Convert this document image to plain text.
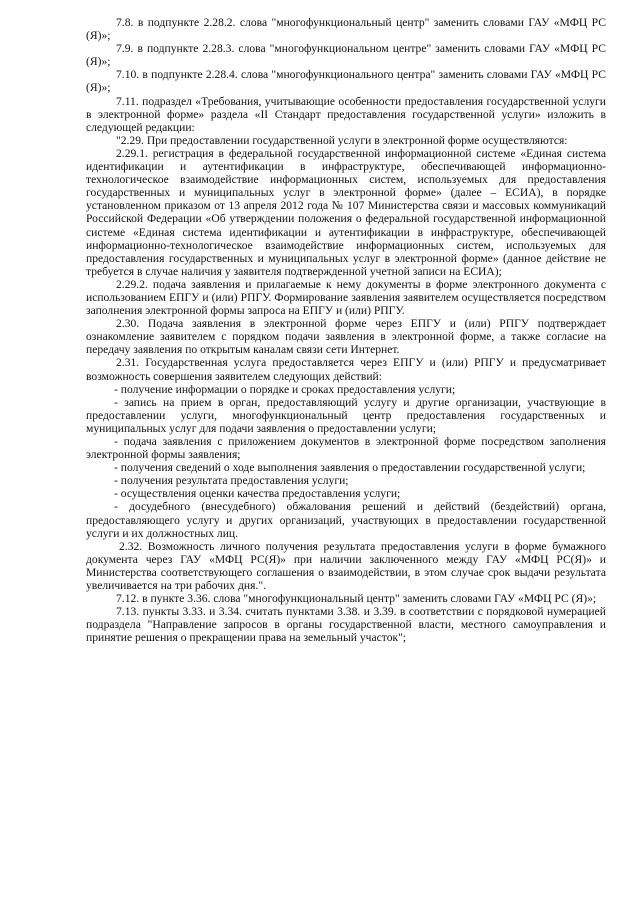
7.8. в подпункте 2.28.2. слова "многофункциональный центр" заменить словами ГАУ «МФЦ РС (Я)»;

7.9. в подпункте 2.28.3. слова "многофункциональном центре" заменить словами ГАУ «МФЦ РС (Я)»;

7.10. в подпункте 2.28.4. слова "многофункционального центра" заменить словами ГАУ «МФЦ РС (Я)»;

7.11. подраздел «Требования, учитывающие особенности предоставления государственной услуги в электронной форме» раздела «II Стандарт предоставления государственной услуги» изложить в следующей редакции:

"2.29. При предоставлении государственной услуги в электронной форме осуществляются:

2.29.1. регистрация в федеральной государственной информационной системе «Единая система идентификации и аутентификации в инфраструктуре, обеспечивающей информационно-технологическое взаимодействие информационных систем, используемых для предоставления государственных и муниципальных услуг в электронной форме» (далее – ЕСИА), в порядке установленном приказом от 13 апреля 2012 года № 107 Министерства связи и массовых коммуникаций Российской Федерации «Об утверждении положения о федеральной государственной информационной системе «Единая система идентификации и аутентификации в инфраструктуре, обеспечивающей информационно-технологическое взаимодействие информационных систем, используемых для предоставления государственных и муниципальных услуг в электронной форме» (данное действие не требуется в случае наличия у заявителя подтвержденной учетной записи на ЕСИА);

2.29.2. подача заявления и прилагаемые к нему документы в форме электронного документа с использованием ЕПГУ и (или) РПГУ. Формирование заявления заявителем осуществляется посредством заполнения электронной формы запроса на ЕПГУ и (или) РПГУ.

2.30. Подача заявления в электронной форме через ЕПГУ и (или) РПГУ подтверждает ознакомление заявителем с порядком подачи заявления в электронной форме, а также согласие на передачу заявления по открытым каналам связи сети Интернет.

2.31. Государственная услуга предоставляется через ЕПГУ и (или) РПГУ и предусматривает возможность совершения заявителем следующих действий:

- получение информации о порядке и сроках предоставления услуги;

- запись на прием в орган, предоставляющий услугу и другие организации, участвующие в предоставлении услуги, многофункциональный центр предоставления государственных и муниципальных услуг для подачи заявления о предоставлении услуги;

- подача заявления с приложением документов в электронной форме посредством заполнения электронной формы заявления;

- получения сведений о ходе выполнения заявления о предоставлении государственной услуги;

- получения результата предоставления услуги;

- осуществления оценки качества предоставления услуги;

- досудебного (внесудебного) обжалования решений и действий (бездействий) органа, предоставляющего услугу и других организаций, участвующих в предоставлении государственной услуги и их должностных лиц.

2.32. Возможность личного получения результата предоставления услуги в форме бумажного документа через ГАУ «МФЦ РС(Я)» при наличии заключенного между ГАУ «МФЦ РС(Я)» и Министерства соответствующего соглашения о взаимодействии, в этом случае срок выдачи результата увеличивается на три рабочих дня.".

7.12. в пункте 3.36. слова "многофункциональный центр" заменить словами ГАУ «МФЦ РС (Я)»;

7.13. пункты 3.33. и 3.34. считать пунктами 3.38. и 3.39. в соответствии с порядковой нумерацией подраздела "Направление запросов в органы государственной власти, местного самоуправления и принятие решения о прекращении права на земельный участок";
